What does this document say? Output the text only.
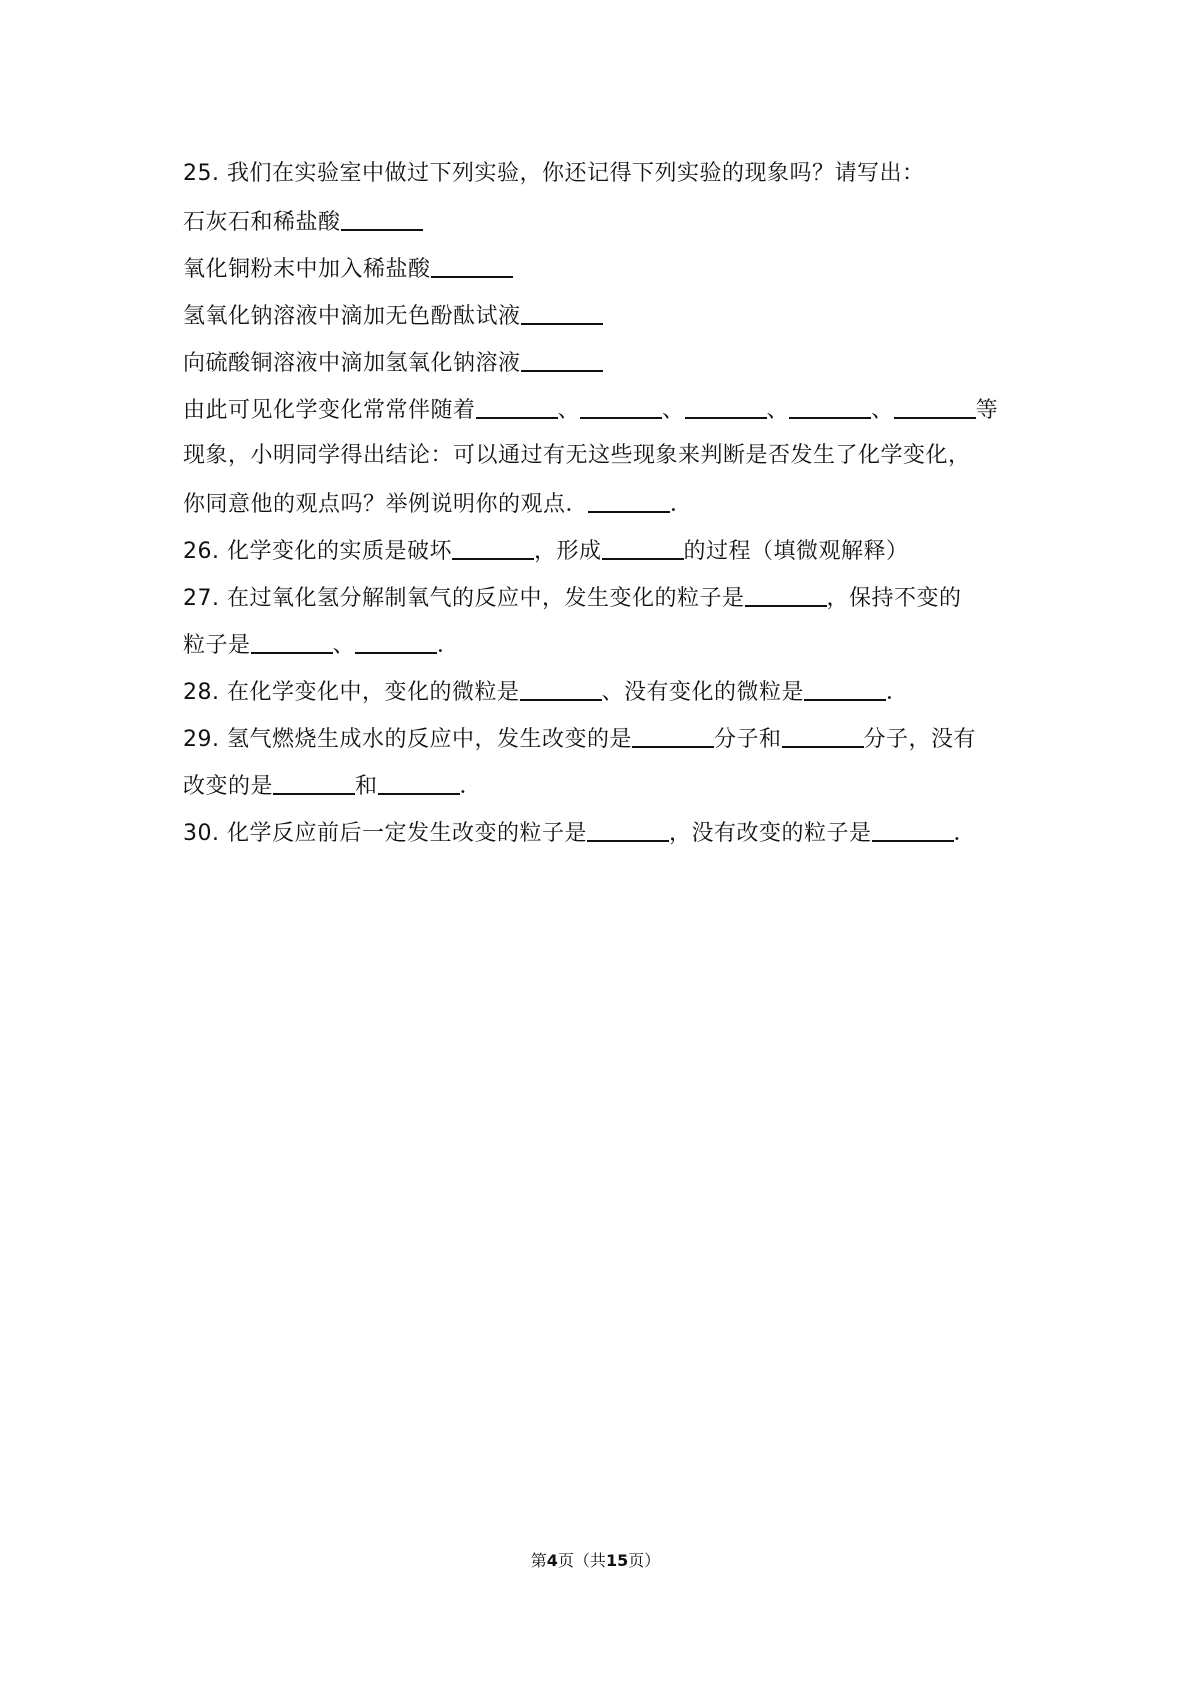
25. 我们在实验室中做过下列实验，你还记得下列实验的现象吗？请写出：
石灰石和稀盐酸
氧化铜粉末中加入稀盐酸
氢氧化钠溶液中滴加无色酚酞试液
向硫酸铜溶液中滴加氢氧化钠溶液
由此可见化学变化常常伴随着	、	、	、	、	等
现象，小明同学得出结论：可以通过有无这些现象来判断是否发生了化学变化，
你同意他的观点吗？举例说明你的观点．	．
26. 化学变化的实质是破坏	，形成	的过程（填微观解释）
27. 在过氧化氢分解制氧气的反应中，发生变化的粒子是	，保持不变的
粒子是	、	．
28. 在化学变化中，变化的微粒是	、没有变化的微粒是	．
29. 氢气燃烧生成水的反应中，发生改变的是	分子和	分子，没有
改变的是	和	．
30. 化学反应前后一定发生改变的粒子是	，没有改变的粒子是	．
第4页（共15页）
